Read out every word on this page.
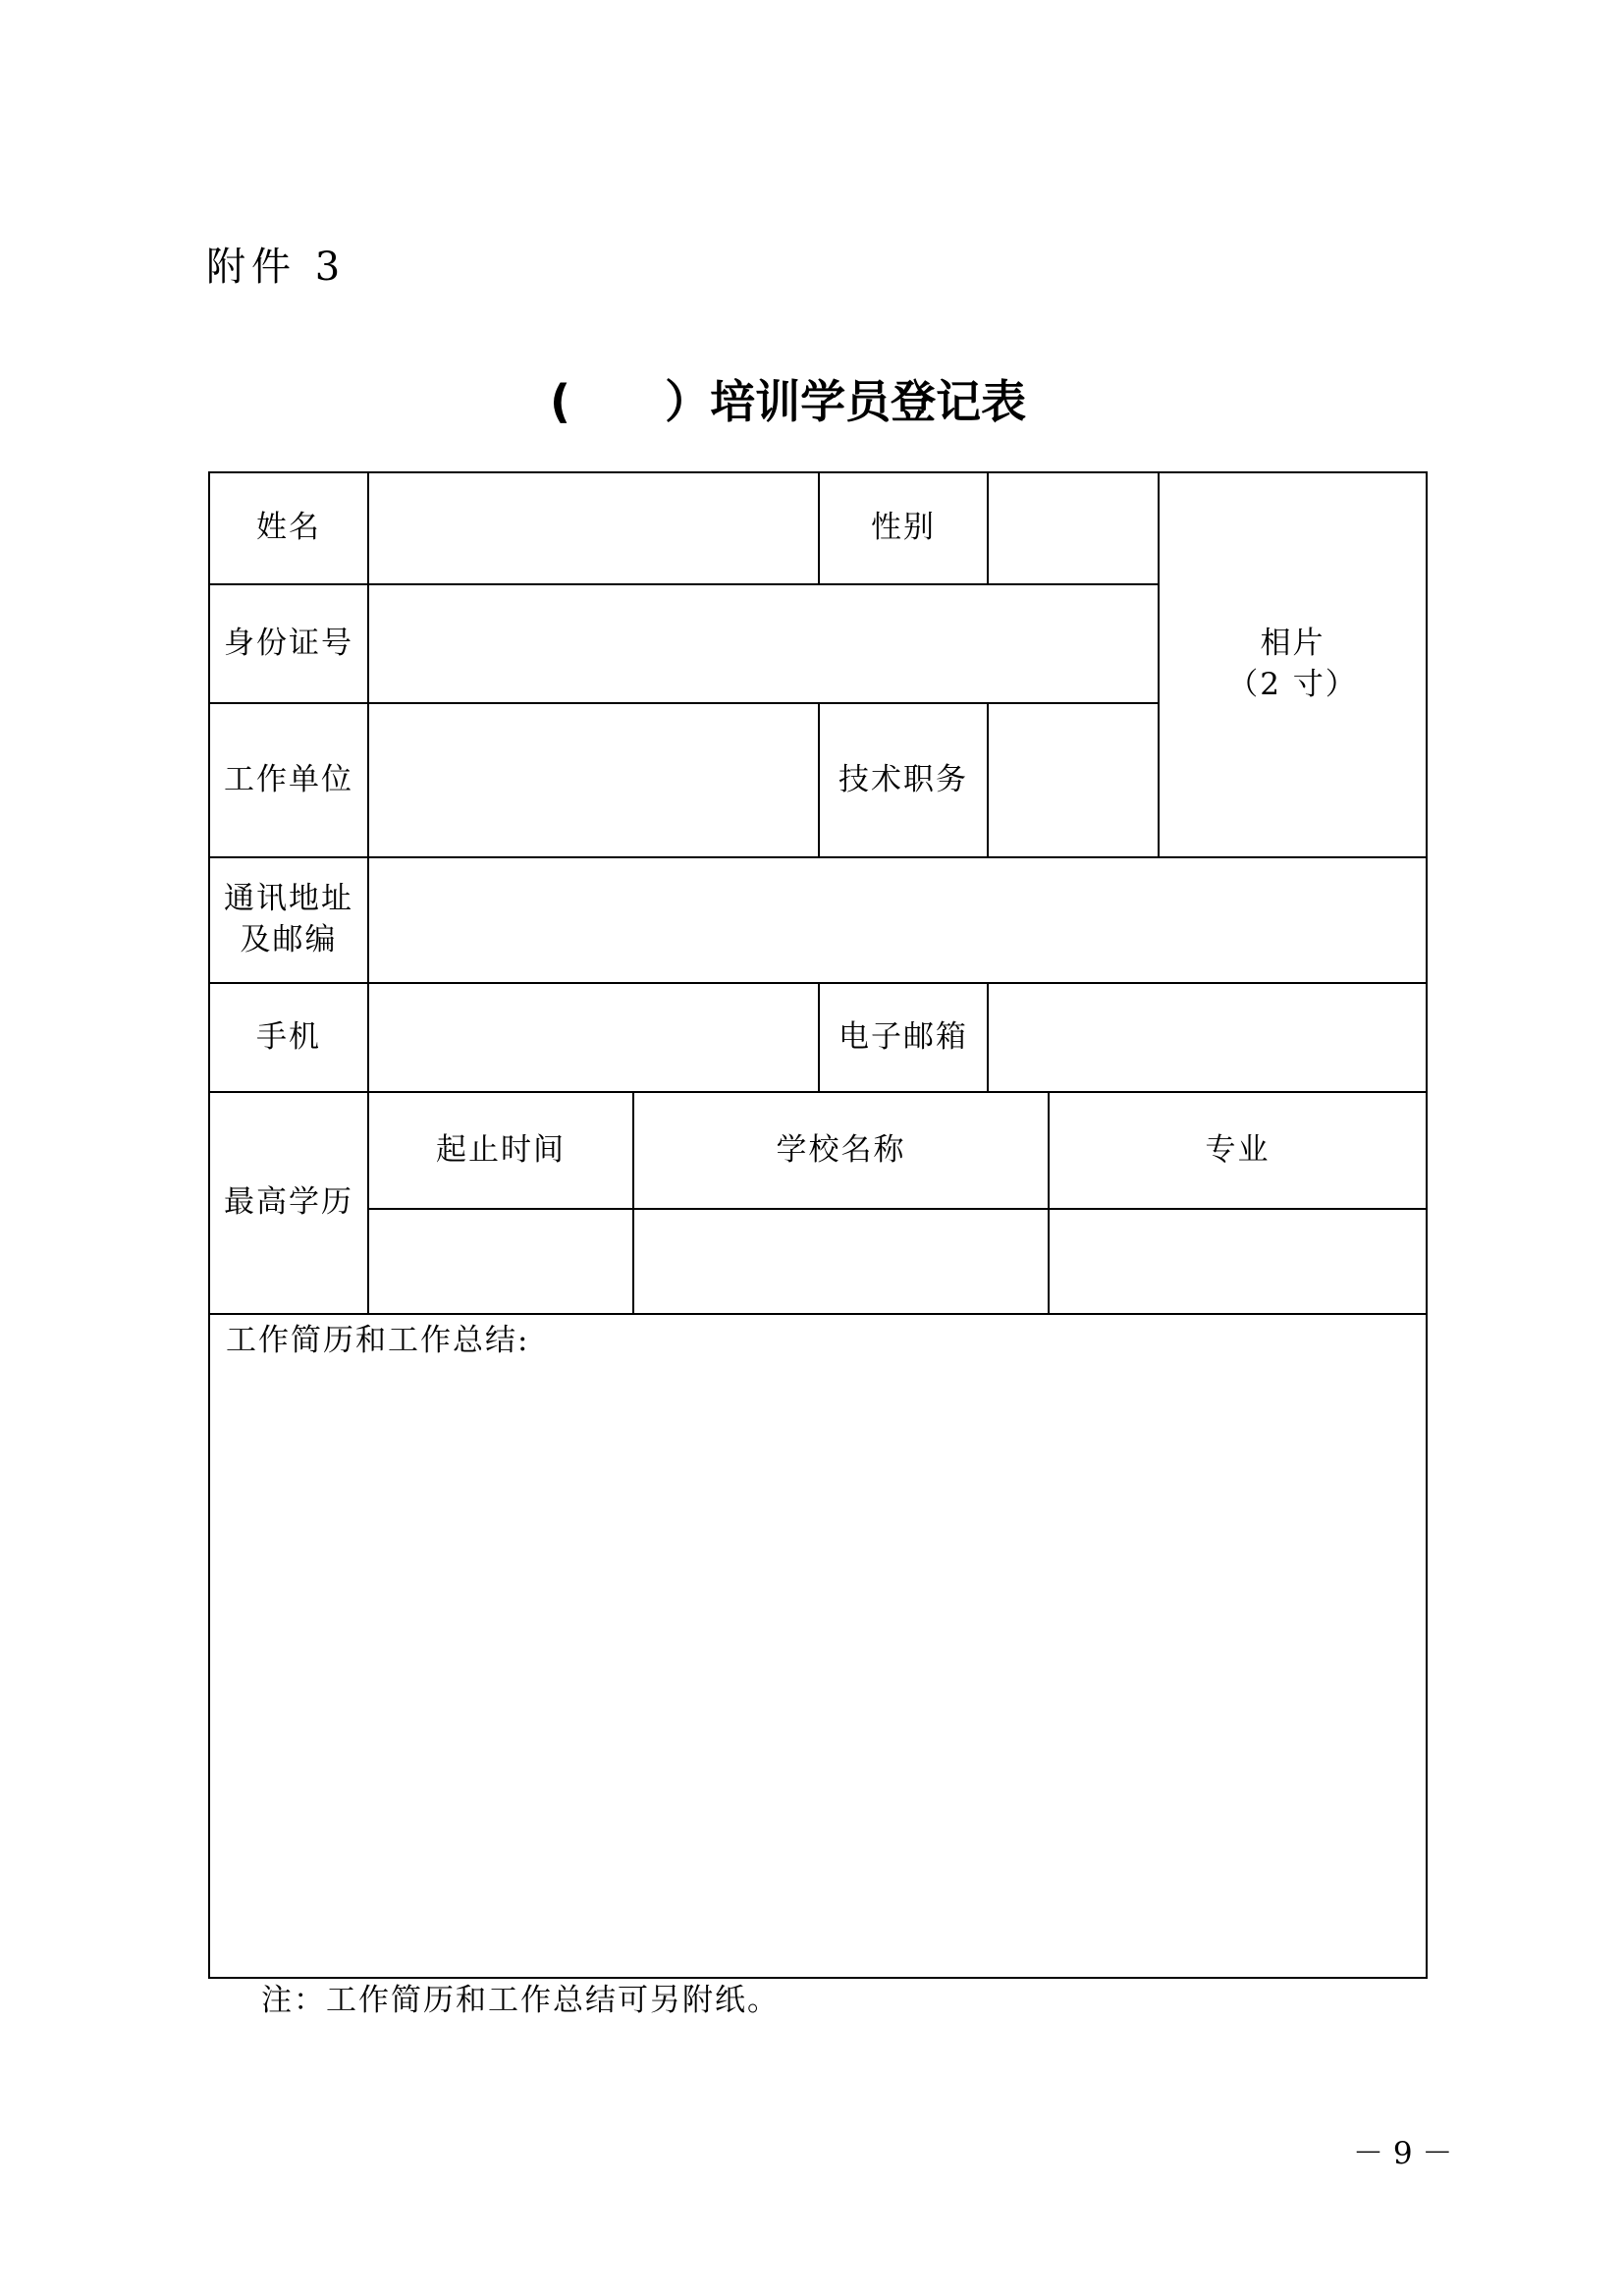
附件 3
(      ）培训学员登记表
姓名			性别			相片
（2 寸）

身份证号						
工作单位			技术职务			

通讯地址
及邮编						

手机			电子邮箱			
最高学历	起止时间	学校名称			专业	

工作简历和工作总结:						
注：工作简历和工作总结可另附纸。
－ 9 －
